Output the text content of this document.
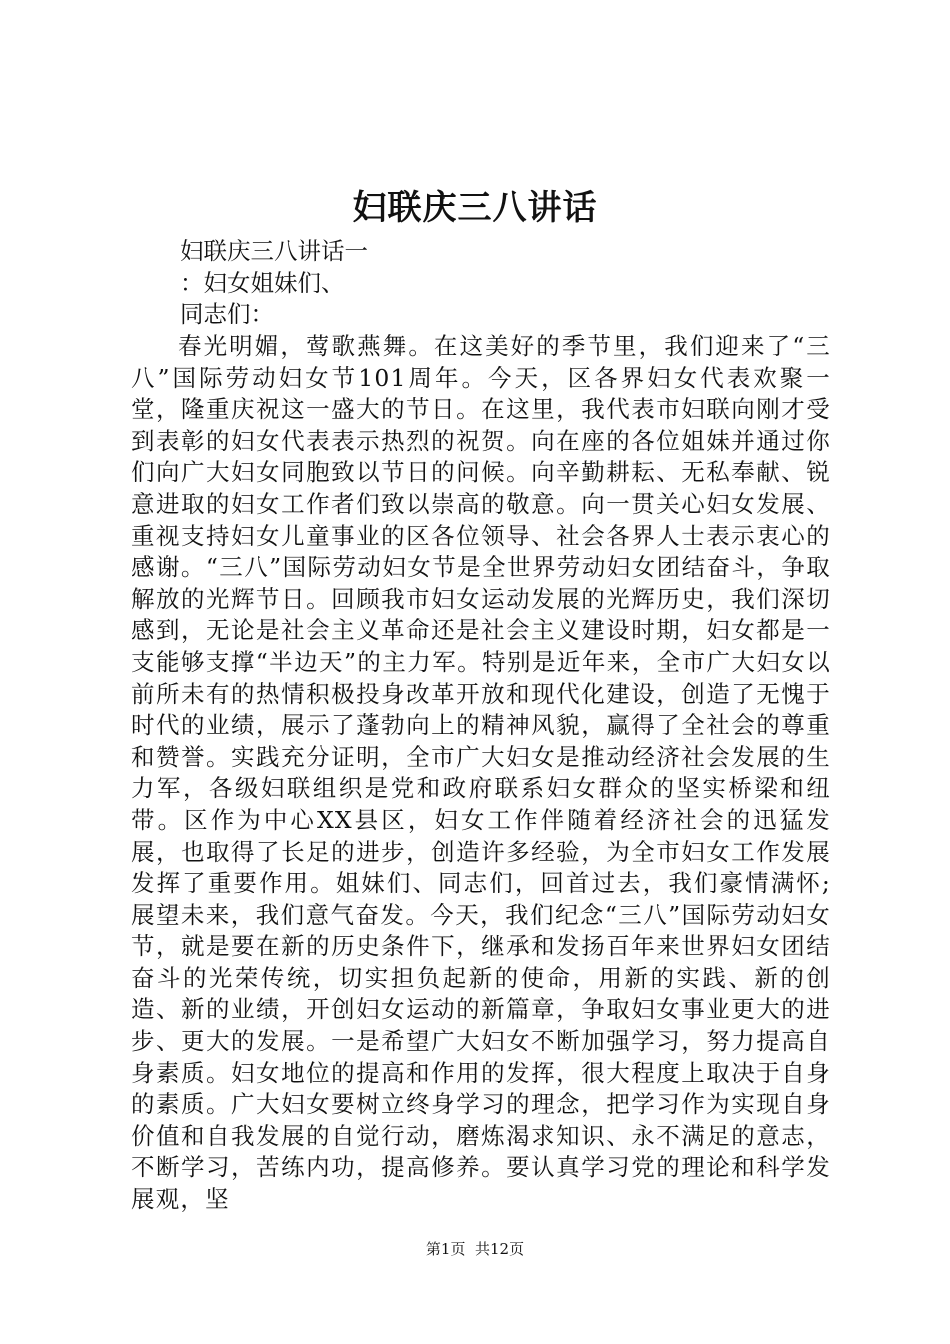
妇联庆三八讲话
妇联庆三八讲话一
：妇女姐妹们、
同志们：
春光明媚，莺歌燕舞。在这美好的季节里，我们迎来了“三八”国际劳动妇女节101周年。今天，区各界妇女代表欢聚一堂，隆重庆祝这一盛大的节日。在这里，我代表市妇联向刚才受到表彰的妇女代表表示热烈的祝贺。向在座的各位姐妹并通过你们向广大妇女同胞致以节日的问候。向辛勤耕耘、无私奉献、锐意进取的妇女工作者们致以崇高的敬意。向一贯关心妇女发展、重视支持妇女儿童事业的区各位领导、社会各界人士表示衷心的感谢。“三八”国际劳动妇女节是全世界劳动妇女团结奋斗，争取解放的光辉节日。回顾我市妇女运动发展的光辉历史，我们深切感到，无论是社会主义革命还是社会主义建设时期，妇女都是一支能够支撑“半边天”的主力军。特别是近年来，全市广大妇女以前所未有的热情积极投身改革开放和现代化建设，创造了无愧于时代的业绩，展示了蓬勃向上的精神风貌，赢得了全社会的尊重和赞誉。实践充分证明，全市广大妇女是推动经济社会发展的生力军，各级妇联组织是党和政府联系妇女群众的坚实桥梁和纽带。区作为中心XX县区，妇女工作伴随着经济社会的迅猛发展，也取得了长足的进步，创造许多经验，为全市妇女工作发展发挥了重要作用。姐妹们、同志们，回首过去，我们豪情满怀;展望未来，我们意气奋发。今天，我们纪念“三八”国际劳动妇女节，就是要在新的历史条件下，继承和发扬百年来世界妇女团结奋斗的光荣传统，切实担负起新的使命，用新的实践、新的创造、新的业绩，开创妇女运动的新篇章，争取妇女事业更大的进步、更大的发展。一是希望广大妇女不断加强学习，努力提高自身素质。妇女地位的提高和作用的发挥，很大程度上取决于自身的素质。广大妇女要树立终身学习的理念，把学习作为实现自身价值和自我发展的自觉行动，磨炼渴求知识、永不满足的意志，不断学习，苦练内功，提高修养。要认真学习党的理论和科学发展观，坚
第1页 共12页
